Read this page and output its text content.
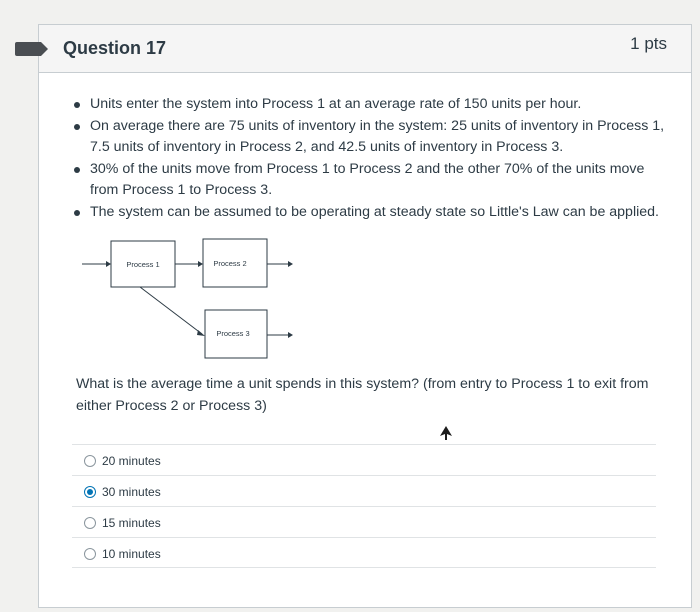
Question 17	1 pts
Units enter the system into Process 1 at an average rate of 150 units per hour.
On average there are 75 units of inventory in the system: 25 units of inventory in Process 1, 7.5 units of inventory in Process 2, and 42.5 units of inventory in Process 3.
30% of the units move from Process 1 to Process 2 and the other 70% of the units move from Process 1 to Process 3.
The system can be assumed to be operating at steady state so Little's Law can be applied.
Process 1	Process 2
Process 3
What is the average time a unit spends in this system? (from entry to Process 1 to exit from either Process 2 or Process 3)
20 minutes
30 minutes
15 minutes
10 minutes
